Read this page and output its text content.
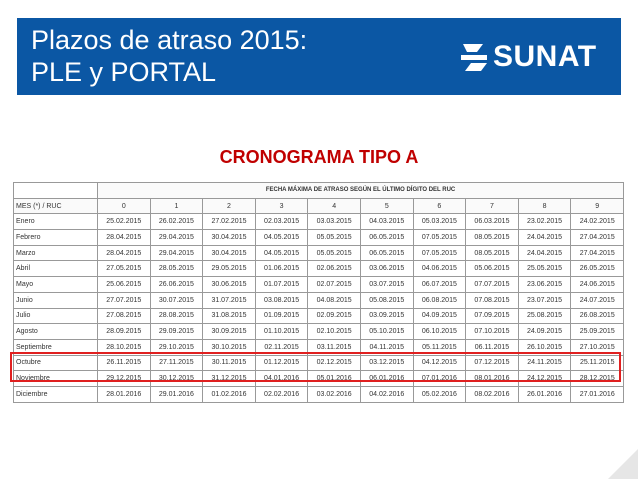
Plazos de atraso 2015:
PLE y PORTAL	SUNAT
CRONOGRAMA TIPO A
	FECHA MÁXIMA DE ATRASO SEGÚN EL ÚLTIMO DÍGITO DEL RUC									
MES (*) / RUC	0	1	2	3	4	5	6	7	8	9
Enero	25.02.2015	26.02.2015	27.02.2015	02.03.2015	03.03.2015	04.03.2015	05.03.2015	06.03.2015	23.02.2015	24.02.2015
Febrero	28.04.2015	29.04.2015	30.04.2015	04.05.2015	05.05.2015	06.05.2015	07.05.2015	08.05.2015	24.04.2015	27.04.2015
Marzo	28.04.2015	29.04.2015	30.04.2015	04.05.2015	05.05.2015	06.05.2015	07.05.2015	08.05.2015	24.04.2015	27.04.2015
Abril	27.05.2015	28.05.2015	29.05.2015	01.06.2015	02.06.2015	03.06.2015	04.06.2015	05.06.2015	25.05.2015	26.05.2015
Mayo	25.06.2015	26.06.2015	30.06.2015	01.07.2015	02.07.2015	03.07.2015	06.07.2015	07.07.2015	23.06.2015	24.06.2015
Junio	27.07.2015	30.07.2015	31.07.2015	03.08.2015	04.08.2015	05.08.2015	06.08.2015	07.08.2015	23.07.2015	24.07.2015
Julio	27.08.2015	28.08.2015	31.08.2015	01.09.2015	02.09.2015	03.09.2015	04.09.2015	07.09.2015	25.08.2015	26.08.2015
Agosto	28.09.2015	29.09.2015	30.09.2015	01.10.2015	02.10.2015	05.10.2015	06.10.2015	07.10.2015	24.09.2015	25.09.2015
Septiembre	28.10.2015	29.10.2015	30.10.2015	02.11.2015	03.11.2015	04.11.2015	05.11.2015	06.11.2015	26.10.2015	27.10.2015
Octubre	26.11.2015	27.11.2015	30.11.2015	01.12.2015	02.12.2015	03.12.2015	04.12.2015	07.12.2015	24.11.2015	25.11.2015
Noviembre	29.12.2015	30.12.2015	31.12.2015	04.01.2016	05.01.2016	06.01.2016	07.01.2016	08.01.2016	24.12.2015	28.12.2015
Diciembre	28.01.2016	29.01.2016	01.02.2016	02.02.2016	03.02.2016	04.02.2016	05.02.2016	08.02.2016	26.01.2016	27.01.2016
